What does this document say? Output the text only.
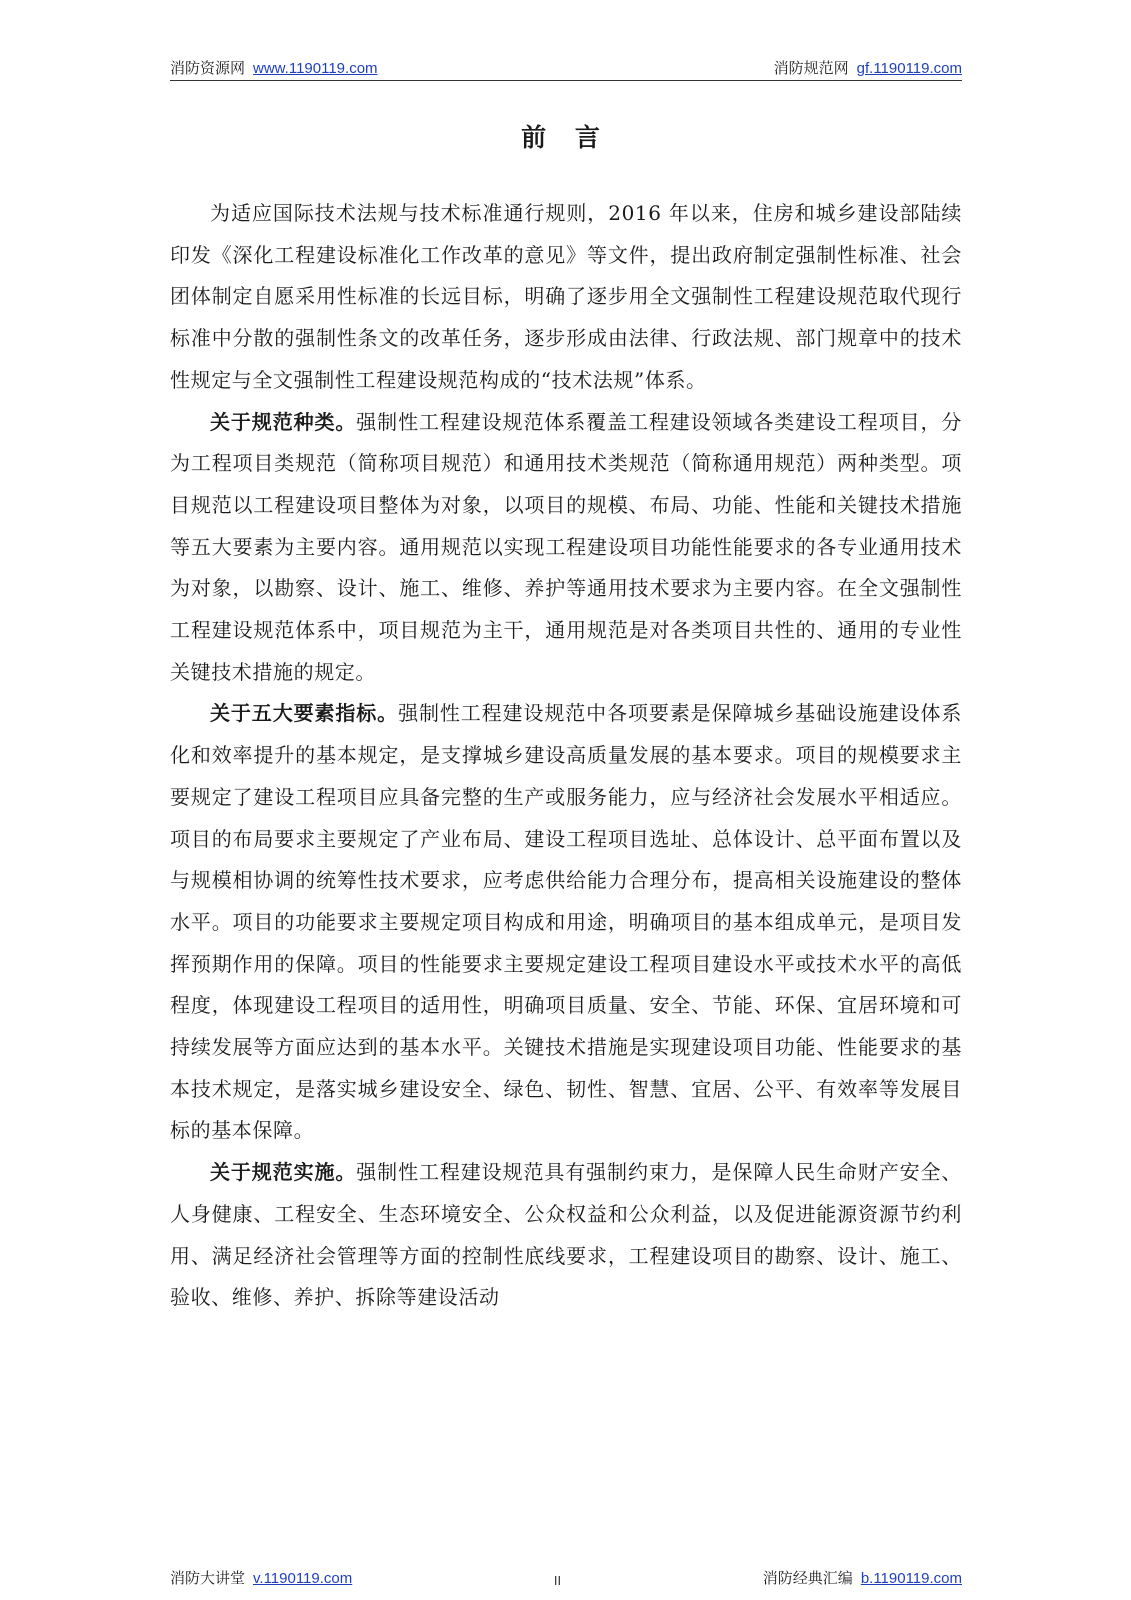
消防资源网 www.1190119.com	消防规范网 gf.1190119.com
前 言

为适应国际技术法规与技术标准通行规则，2016 年以来，住房和城乡建设部陆续印发《深化工程建设标准化工作改革的意见》等文件，提出政府制定强制性标准、社会团体制定自愿采用性标准的长远目标，明确了逐步用全文强制性工程建设规范取代现行标准中分散的强制性条文的改革任务，逐步形成由法律、行政法规、部门规章中的技术性规定与全文强制性工程建设规范构成的“技术法规”体系。

关于规范种类。强制性工程建设规范体系覆盖工程建设领域各类建设工程项目，分为工程项目类规范（简称项目规范）和通用技术类规范（简称通用规范）两种类型。项目规范以工程建设项目整体为对象，以项目的规模、布局、功能、性能和关键技术措施等五大要素为主要内容。通用规范以实现工程建设项目功能性能要求的各专业通用技术为对象，以勘察、设计、施工、维修、养护等通用技术要求为主要内容。在全文强制性工程建设规范体系中，项目规范为主干，通用规范是对各类项目共性的、通用的专业性关键技术措施的规定。

关于五大要素指标。强制性工程建设规范中各项要素是保障城乡基础设施建设体系化和效率提升的基本规定，是支撑城乡建设高质量发展的基本要求。项目的规模要求主要规定了建设工程项目应具备完整的生产或服务能力，应与经济社会发展水平相适应。项目的布局要求主要规定了产业布局、建设工程项目选址、总体设计、总平面布置以及与规模相协调的统筹性技术要求，应考虑供给能力合理分布，提高相关设施建设的整体水平。项目的功能要求主要规定项目构成和用途，明确项目的基本组成单元，是项目发挥预期作用的保障。项目的性能要求主要规定建设工程项目建设水平或技术水平的高低程度，体现建设工程项目的适用性，明确项目质量、安全、节能、环保、宜居环境和可持续发展等方面应达到的基本水平。关键技术措施是实现建设项目功能、性能要求的基本技术规定，是落实城乡建设安全、绿色、韧性、智慧、宜居、公平、有效率等发展目标的基本保障。

关于规范实施。强制性工程建设规范具有强制约束力，是保障人民生命财产安全、人身健康、工程安全、生态环境安全、公众权益和公众利益，以及促进能源资源节约利用、满足经济社会管理等方面的控制性底线要求，工程建设项目的勘察、设计、施工、验收、维修、养护、拆除等建设活动

消防大讲堂 v.1190119.com	II	消防经典汇编 b.1190119.com
